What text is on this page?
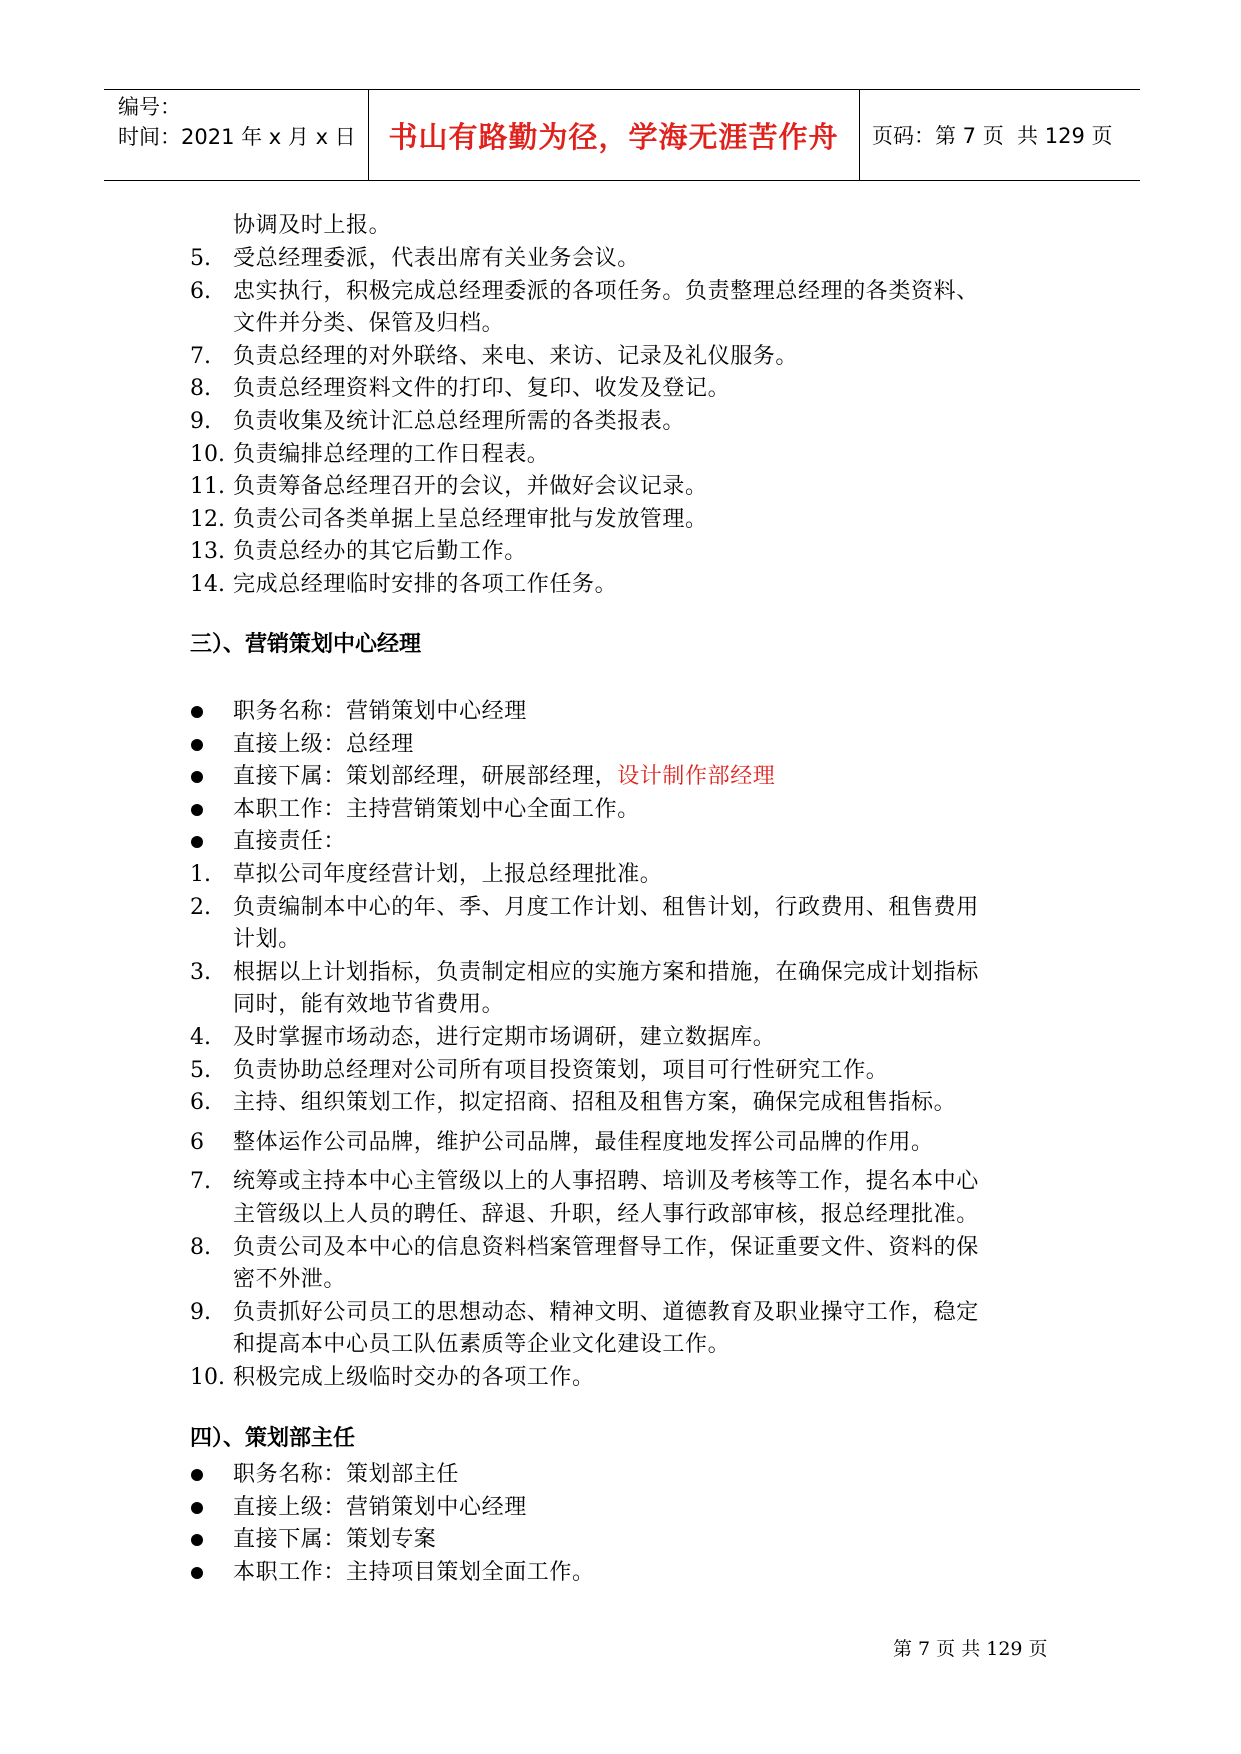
编号：
时间：2021 年 x 月 x 日	书山有路勤为径，学海无涯苦作舟	页码：第 7 页  共 129 页
协调及时上报。
5. 受总经理委派，代表出席有关业务会议。
6. 忠实执行，积极完成总经理委派的各项任务。负责整理总经理的各类资料、
文件并分类、保管及归档。
7. 负责总经理的对外联络、来电、来访、记录及礼仪服务。
8. 负责总经理资料文件的打印、复印、收发及登记。
9. 负责收集及统计汇总总经理所需的各类报表。
10. 负责编排总经理的工作日程表。
11. 负责筹备总经理召开的会议，并做好会议记录。
12. 负责公司各类单据上呈总经理审批与发放管理。
13. 负责总经办的其它后勤工作。
14. 完成总经理临时安排的各项工作任务。
三）、营销策划中心经理
职务名称：营销策划中心经理
直接上级：总经理
直接下属：策划部经理，研展部经理，设计制作部经理
本职工作：主持营销策划中心全面工作。
直接责任：
1. 草拟公司年度经营计划，上报总经理批准。
2. 负责编制本中心的年、季、月度工作计划、租售计划，行政费用、租售费用
计划。
3. 根据以上计划指标，负责制定相应的实施方案和措施，在确保完成计划指标
同时，能有效地节省费用。
4. 及时掌握市场动态，进行定期市场调研，建立数据库。
5. 负责协助总经理对公司所有项目投资策划，项目可行性研究工作。
6. 主持、组织策划工作，拟定招商、招租及租售方案，确保完成租售指标。
6 整体运作公司品牌，维护公司品牌，最佳程度地发挥公司品牌的作用。
7. 统筹或主持本中心主管级以上的人事招聘、培训及考核等工作，提名本中心
主管级以上人员的聘任、辞退、升职，经人事行政部审核，报总经理批准。
8. 负责公司及本中心的信息资料档案管理督导工作，保证重要文件、资料的保
密不外泄。
9. 负责抓好公司员工的思想动态、精神文明、道德教育及职业操守工作，稳定
和提高本中心员工队伍素质等企业文化建设工作。
10. 积极完成上级临时交办的各项工作。
四）、策划部主任
职务名称：策划部主任
直接上级：营销策划中心经理
直接下属：策划专案
本职工作：主持项目策划全面工作。
第 7 页 共 129 页
